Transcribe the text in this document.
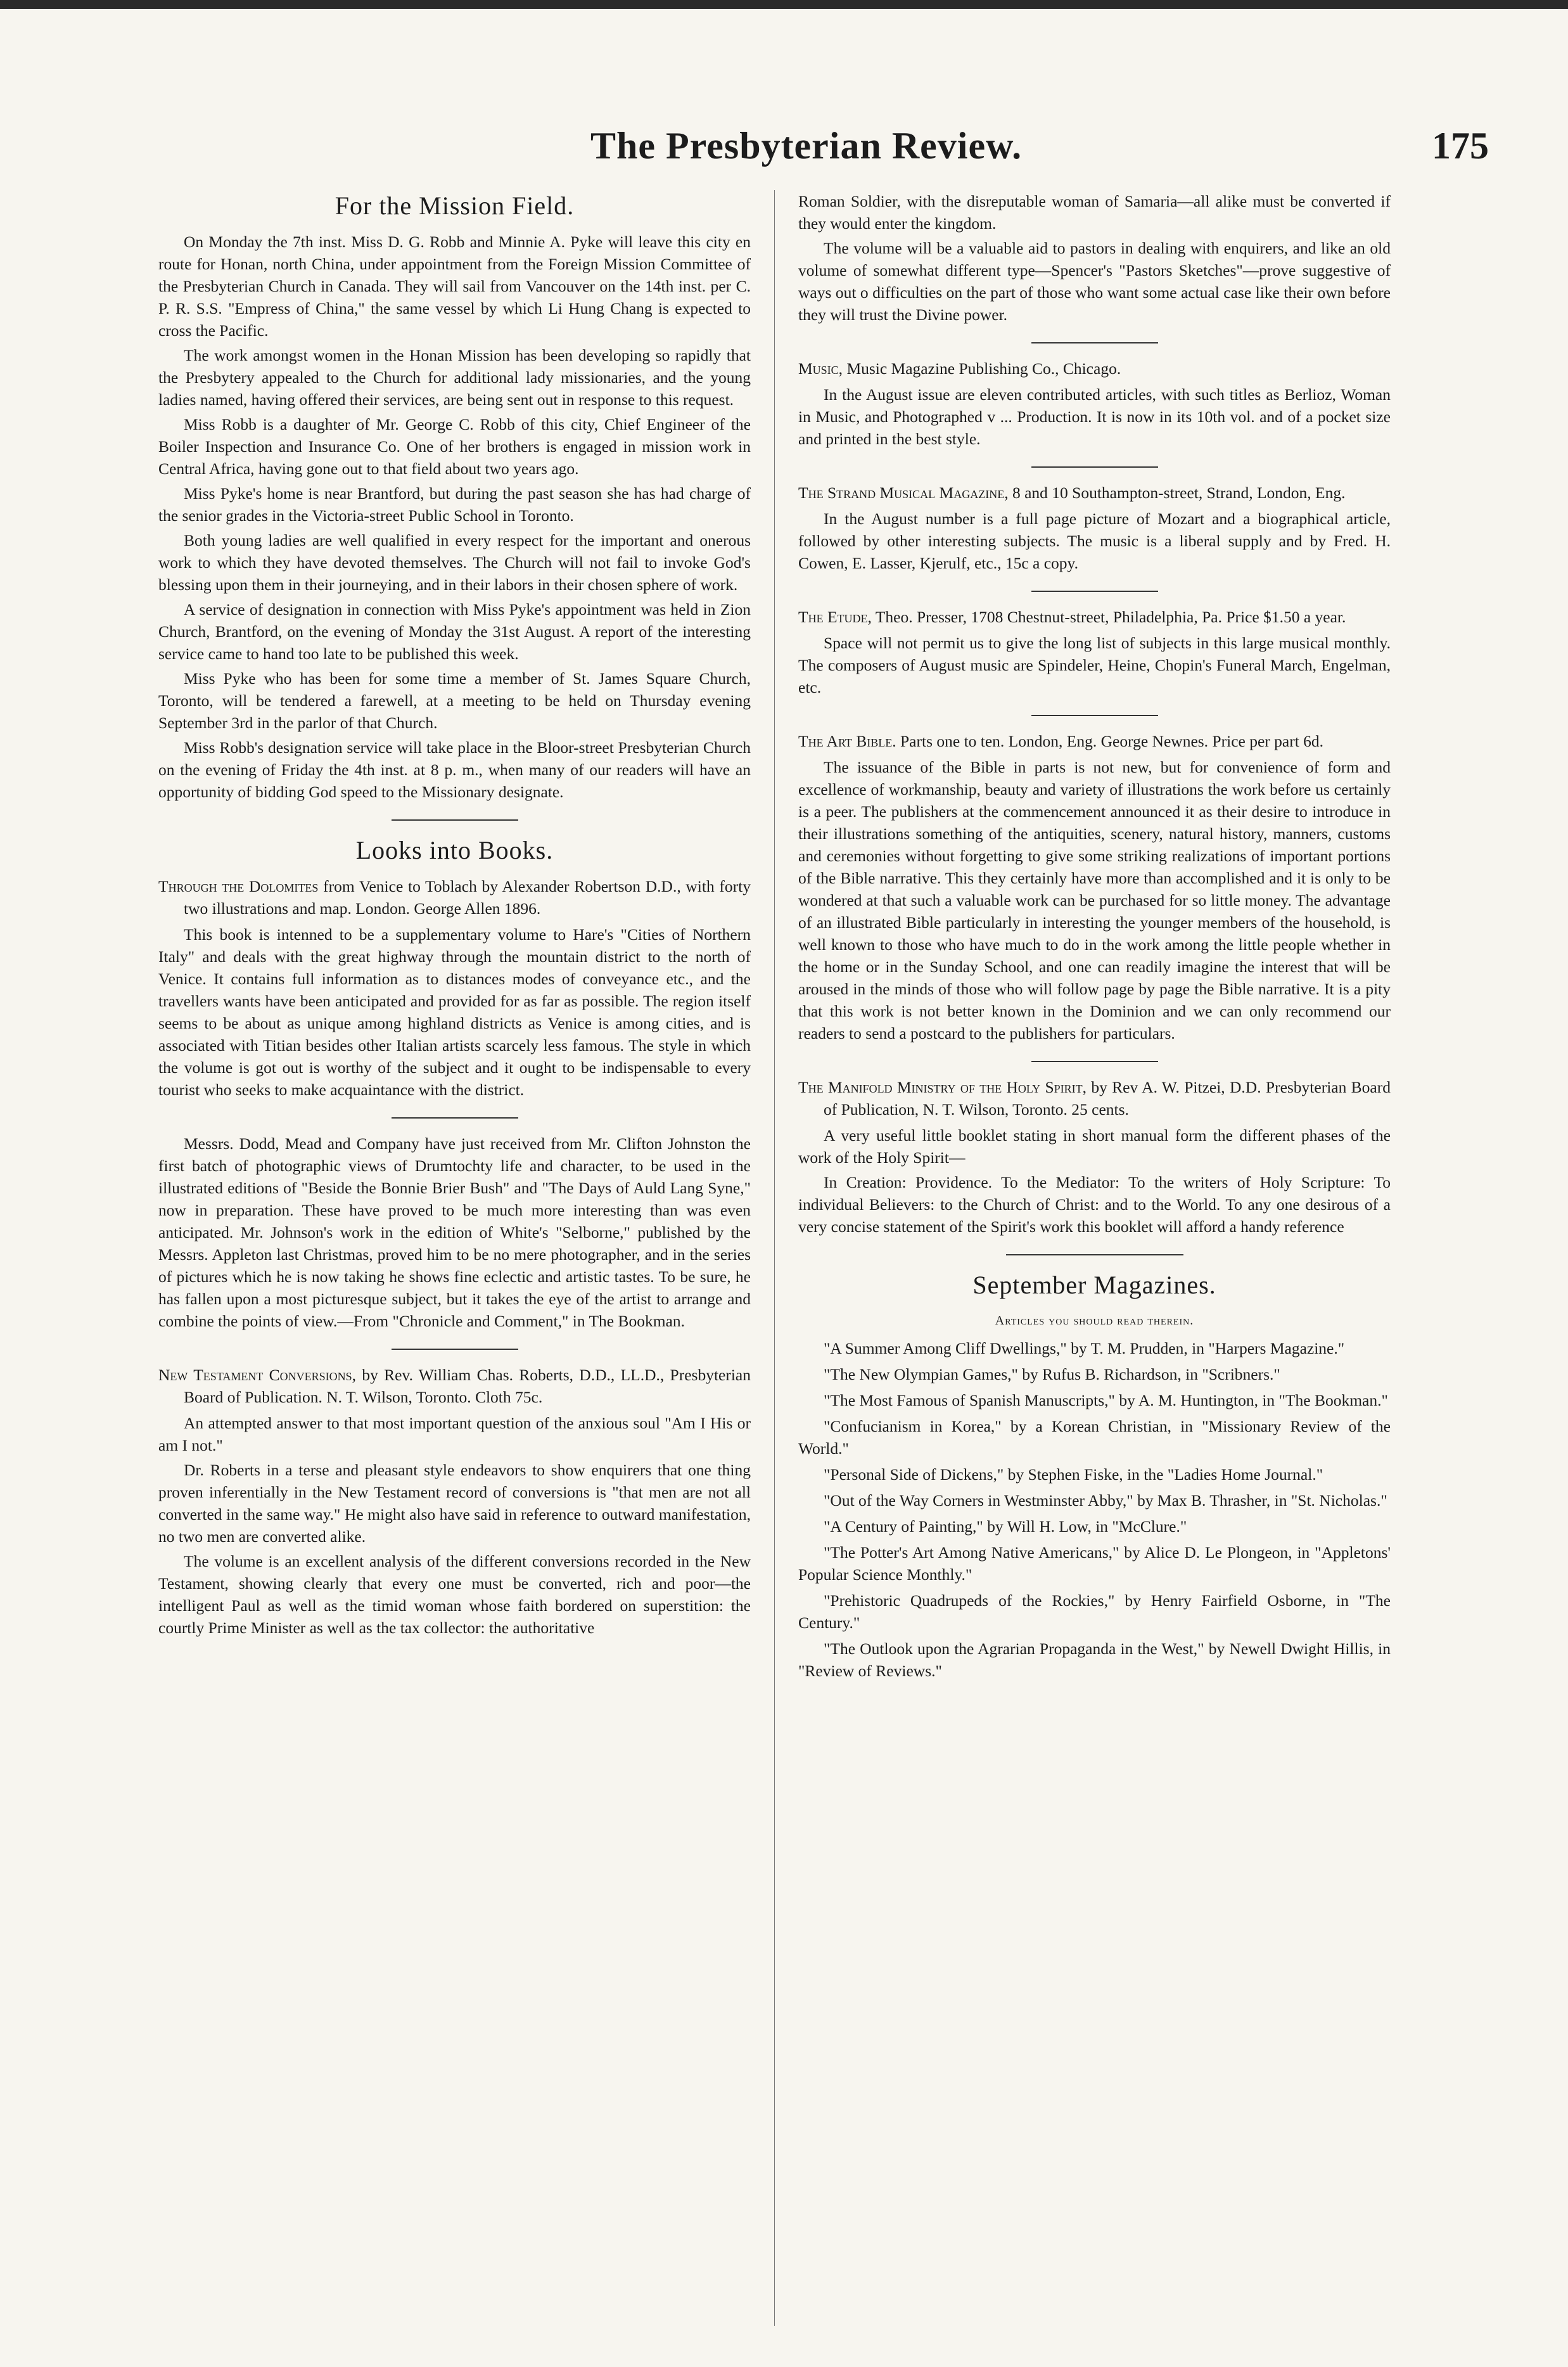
The Presbyterian Review.	175
For the Mission Field.

On Monday the 7th inst. Miss D. G. Robb and Minnie A. Pyke will leave this city en route for Honan, north China, under appointment from the Foreign Mission Committee of the Presbyterian Church in Canada. They will sail from Vancouver on the 14th inst. per C. P. R. S.S. "Empress of China," the same vessel by which Li Hung Chang is expected to cross the Pacific.

The work amongst women in the Honan Mission has been developing so rapidly that the Presbytery appealed to the Church for additional lady missionaries, and the young ladies named, having offered their services, are being sent out in response to this request.

Miss Robb is a daughter of Mr. George C. Robb of this city, Chief Engineer of the Boiler Inspection and Insurance Co. One of her brothers is engaged in mission work in Central Africa, having gone out to that field about two years ago.

Miss Pyke's home is near Brantford, but during the past season she has had charge of the senior grades in the Victoria-street Public School in Toronto.

Both young ladies are well qualified in every respect for the important and onerous work to which they have devoted themselves. The Church will not fail to invoke God's blessing upon them in their journeying, and in their labors in their chosen sphere of work.

A service of designation in connection with Miss Pyke's appointment was held in Zion Church, Brantford, on the evening of Monday the 31st August. A report of the interesting service came to hand too late to be published this week.

Miss Pyke who has been for some time a member of St. James Square Church, Toronto, will be tendered a farewell, at a meeting to be held on Thursday evening September 3rd in the parlor of that Church.

Miss Robb's designation service will take place in the Bloor-street Presbyterian Church on the evening of Friday the 4th inst. at 8 p. m., when many of our readers will have an opportunity of bidding God speed to the Missionary designate.

Looks into Books.
Through the Dolomites from Venice to Toblach by Alexander Robertson D.D., with forty two illustrations and map. London. George Allen 1896.

This book is intenned to be a supplementary volume to Hare's "Cities of Northern Italy" and deals with the great highway through the mountain district to the north of Venice. It contains full information as to distances modes of conveyance etc., and the travellers wants have been anticipated and provided for as far as possible. The region itself seems to be about as unique among highland districts as Venice is among cities, and is associated with Titian besides other Italian artists scarcely less famous. The style in which the volume is got out is worthy of the subject and it ought to be indispensable to every tourist who seeks to make acquaintance with the district.

Messrs. Dodd, Mead and Company have just received from Mr. Clifton Johnston the first batch of photographic views of Drumtochty life and character, to be used in the illustrated editions of "Beside the Bonnie Brier Bush" and "The Days of Auld Lang Syne," now in preparation. These have proved to be much more interesting than was even anticipated. Mr. Johnson's work in the edition of White's "Selborne," published by the Messrs. Appleton last Christmas, proved him to be no mere photographer, and in the series of pictures which he is now taking he shows fine eclectic and artistic tastes. To be sure, he has fallen upon a most picturesque subject, but it takes the eye of the artist to arrange and combine the points of view.—From "Chronicle and Comment," in The Bookman.

New Testament Conversions, by Rev. William Chas. Roberts, D.D., LL.D., Presbyterian Board of Publication. N. T. Wilson, Toronto. Cloth 75c.

An attempted answer to that most important question of the anxious soul "Am I His or am I not."

Dr. Roberts in a terse and pleasant style endeavors to show enquirers that one thing proven inferentially in the New Testament record of conversions is "that men are not all converted in the same way." He might also have said in reference to outward manifestation, no two men are converted alike.

The volume is an excellent analysis of the different conversions recorded in the New Testament, showing clearly that every one must be converted, rich and poor—the intelligent Paul as well as the timid woman whose faith bordered on superstition: the courtly Prime Minister as well as the tax collector: the authoritative

Roman Soldier, with the disreputable woman of Samaria—all alike must be converted if they would enter the kingdom.

The volume will be a valuable aid to pastors in dealing with enquirers, and like an old volume of somewhat different type—Spencer's "Pastors Sketches"—prove suggestive of ways out o difficulties on the part of those who want some actual case like their own before they will trust the Divine power.

Music, Music Magazine Publishing Co., Chicago.

In the August issue are eleven contributed articles, with such titles as Berlioz, Woman in Music, and Photographed v ... Production. It is now in its 10th vol. and of a pocket size and printed in the best style.

The Strand Musical Magazine, 8 and 10 Southampton-street, Strand, London, Eng.

In the August number is a full page picture of Mozart and a biographical article, followed by other interesting subjects. The music is a liberal supply and by Fred. H. Cowen, E. Lasser, Kjerulf, etc., 15c a copy.

The Etude, Theo. Presser, 1708 Chestnut-street, Philadelphia, Pa. Price $1.50 a year.

Space will not permit us to give the long list of subjects in this large musical monthly. The composers of August music are Spindeler, Heine, Chopin's Funeral March, Engelman, etc.

The Art Bible. Parts one to ten. London, Eng. George Newnes. Price per part 6d.

The issuance of the Bible in parts is not new, but for convenience of form and excellence of workmanship, beauty and variety of illustrations the work before us certainly is a peer. The publishers at the commencement announced it as their desire to introduce in their illustrations something of the antiquities, scenery, natural history, manners, customs and ceremonies without forgetting to give some striking realizations of important portions of the Bible narrative. This they certainly have more than accomplished and it is only to be wondered at that such a valuable work can be purchased for so little money. The advantage of an illustrated Bible particularly in interesting the younger members of the household, is well known to those who have much to do in the work among the little people whether in the home or in the Sunday School, and one can readily imagine the interest that will be aroused in the minds of those who will follow page by page the Bible narrative. It is a pity that this work is not better known in the Dominion and we can only recommend our readers to send a postcard to the publishers for particulars.

The Manifold Ministry of the Holy Spirit, by Rev A. W. Pitzei, D.D. Presbyterian Board of Publication, N. T. Wilson, Toronto. 25 cents.

A very useful little booklet stating in short manual form the different phases of the work of the Holy Spirit—

In Creation: Providence. To the Mediator: To the writers of Holy Scripture: To individual Believers: to the Church of Christ: and to the World. To any one desirous of a very concise statement of the Spirit's work this booklet will afford a handy reference

September Magazines.
Articles you should read therein.

"A Summer Among Cliff Dwellings," by T. M. Prudden, in "Harpers Magazine."

"The New Olympian Games," by Rufus B. Richardson, in "Scribners."

"The Most Famous of Spanish Manuscripts," by A. M. Huntington, in "The Bookman."

"Confucianism in Korea," by a Korean Christian, in "Missionary Review of the World."

"Personal Side of Dickens," by Stephen Fiske, in the "Ladies Home Journal."

"Out of the Way Corners in Westminster Abby," by Max B. Thrasher, in "St. Nicholas."

"A Century of Painting," by Will H. Low, in "McClure."

"The Potter's Art Among Native Americans," by Alice D. Le Plongeon, in "Appletons' Popular Science Monthly."

"Prehistoric Quadrupeds of the Rockies," by Henry Fairfield Osborne, in "The Century."

"The Outlook upon the Agrarian Propaganda in the West," by Newell Dwight Hillis, in "Review of Reviews."
